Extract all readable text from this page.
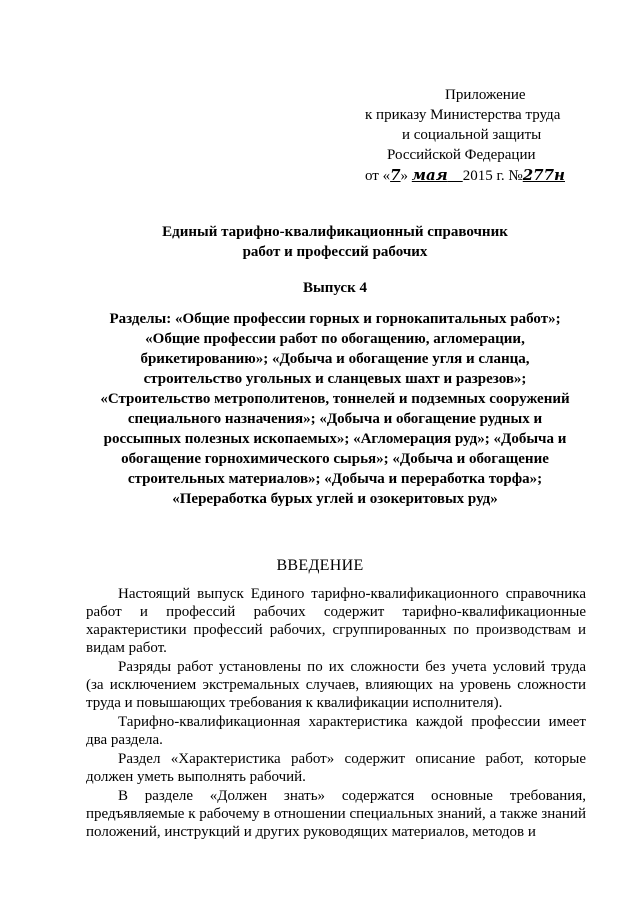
Приложение
к приказу Министерства труда
и социальной защиты
Российской Федерации
от «7» мая 2015 г. №277н
Единый тарифно-квалификационный справочник
работ и профессий рабочих
Выпуск 4
Разделы: «Общие профессии горных и горнокапитальных работ»; «Общие профессии работ по обогащению, агломерации, брикетированию»; «Добыча и обогащение угля и сланца, строительство угольных и сланцевых шахт и разрезов»; «Строительство метрополитенов, тоннелей и подземных сооружений специального назначения»; «Добыча и обогащение рудных и россыпных полезных ископаемых»; «Агломерация руд»; «Добыча и обогащение горнохимического сырья»; «Добыча и обогащение строительных материалов»; «Добыча и переработка торфа»; «Переработка бурых углей и озокеритовых руд»
ВВЕДЕНИЕ

Настоящий выпуск Единого тарифно-квалификационного справочника работ и профессий рабочих содержит тарифно-квалификационные характеристики профессий рабочих, сгруппированных по производствам и видам работ.

Разряды работ установлены по их сложности без учета условий труда (за исключением экстремальных случаев, влияющих на уровень сложности труда и повышающих требования к квалификации исполнителя).

Тарифно-квалификационная характеристика каждой профессии имеет два раздела.

Раздел «Характеристика работ» содержит описание работ, которые должен уметь выполнять рабочий.

В разделе «Должен знать» содержатся основные требования, предъявляемые к рабочему в отношении специальных знаний, а также знаний положений, инструкций и других руководящих материалов, методов и
